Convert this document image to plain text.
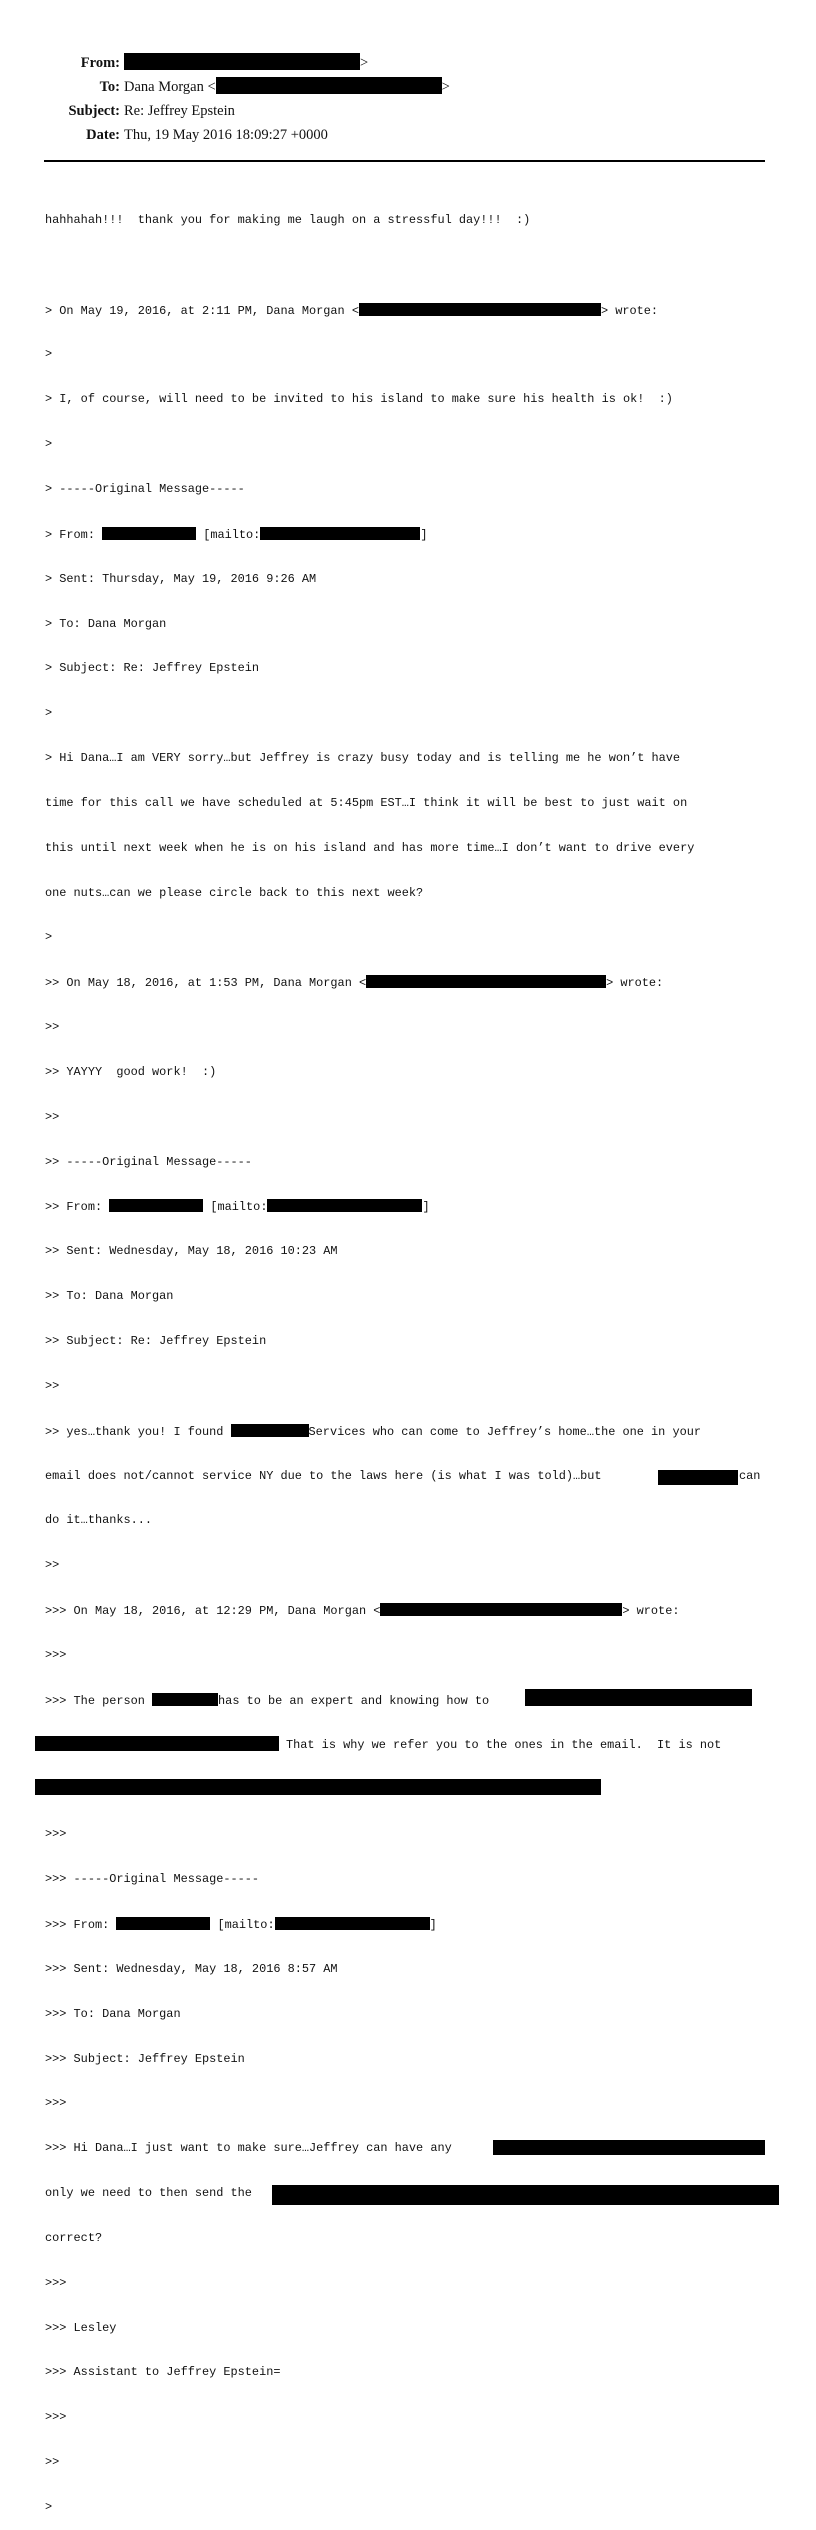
From:	>
To: Dana Morgan <	>
Subject: Re: Jeffrey Epstein
Date: Thu, 19 May 2016 18:09:27 +0000

hahhahah!!!  thank you for making me laugh on a stressful day!!!  :)

> On May 19, 2016, at 2:11 PM, Dana Morgan <	> wrote:

>

> I, of course, will need to be invited to his island to make sure his health is ok!  :)

>

> -----Original Message-----

> From:	[mailto:	]

> Sent: Thursday, May 19, 2016 9:26 AM

> To: Dana Morgan

> Subject: Re: Jeffrey Epstein

>

> Hi Dana…I am VERY sorry…but Jeffrey is crazy busy today and is telling me he won’t have

time for this call we have scheduled at 5:45pm EST…I think it will be best to just wait on

this until next week when he is on his island and has more time…I don’t want to drive every

one nuts…can we please circle back to this next week?

>

>> On May 18, 2016, at 1:53 PM, Dana Morgan <	> wrote:

>>

>> YAYYY  good work!  :)

>>

>> -----Original Message-----

>> From:	[mailto:	]

>> Sent: Wednesday, May 18, 2016 10:23 AM

>> To: Dana Morgan

>> Subject: Re: Jeffrey Epstein

>>

>> yes…thank you! I found	Services who can come to Jeffrey’s home…the one in your

email does not/cannot service NY due to the laws here (is what I was told)…but	can

do it…thanks...

>>

>>> On May 18, 2016, at 12:29 PM, Dana Morgan <	> wrote:

>>>

>>> The person	has to be an expert and knowing how to

That is why we refer you to the ones in the email.  It is not

>>>

>>> -----Original Message-----

>>> From:	[mailto:	]

>>> Sent: Wednesday, May 18, 2016 8:57 AM

>>> To: Dana Morgan

>>> Subject: Jeffrey Epstein

>>>

>>> Hi Dana…I just want to make sure…Jeffrey can have any

only we need to then send the

correct?

>>>

>>> Lesley

>>> Assistant to Jeffrey Epstein=

>>>

>>

>
